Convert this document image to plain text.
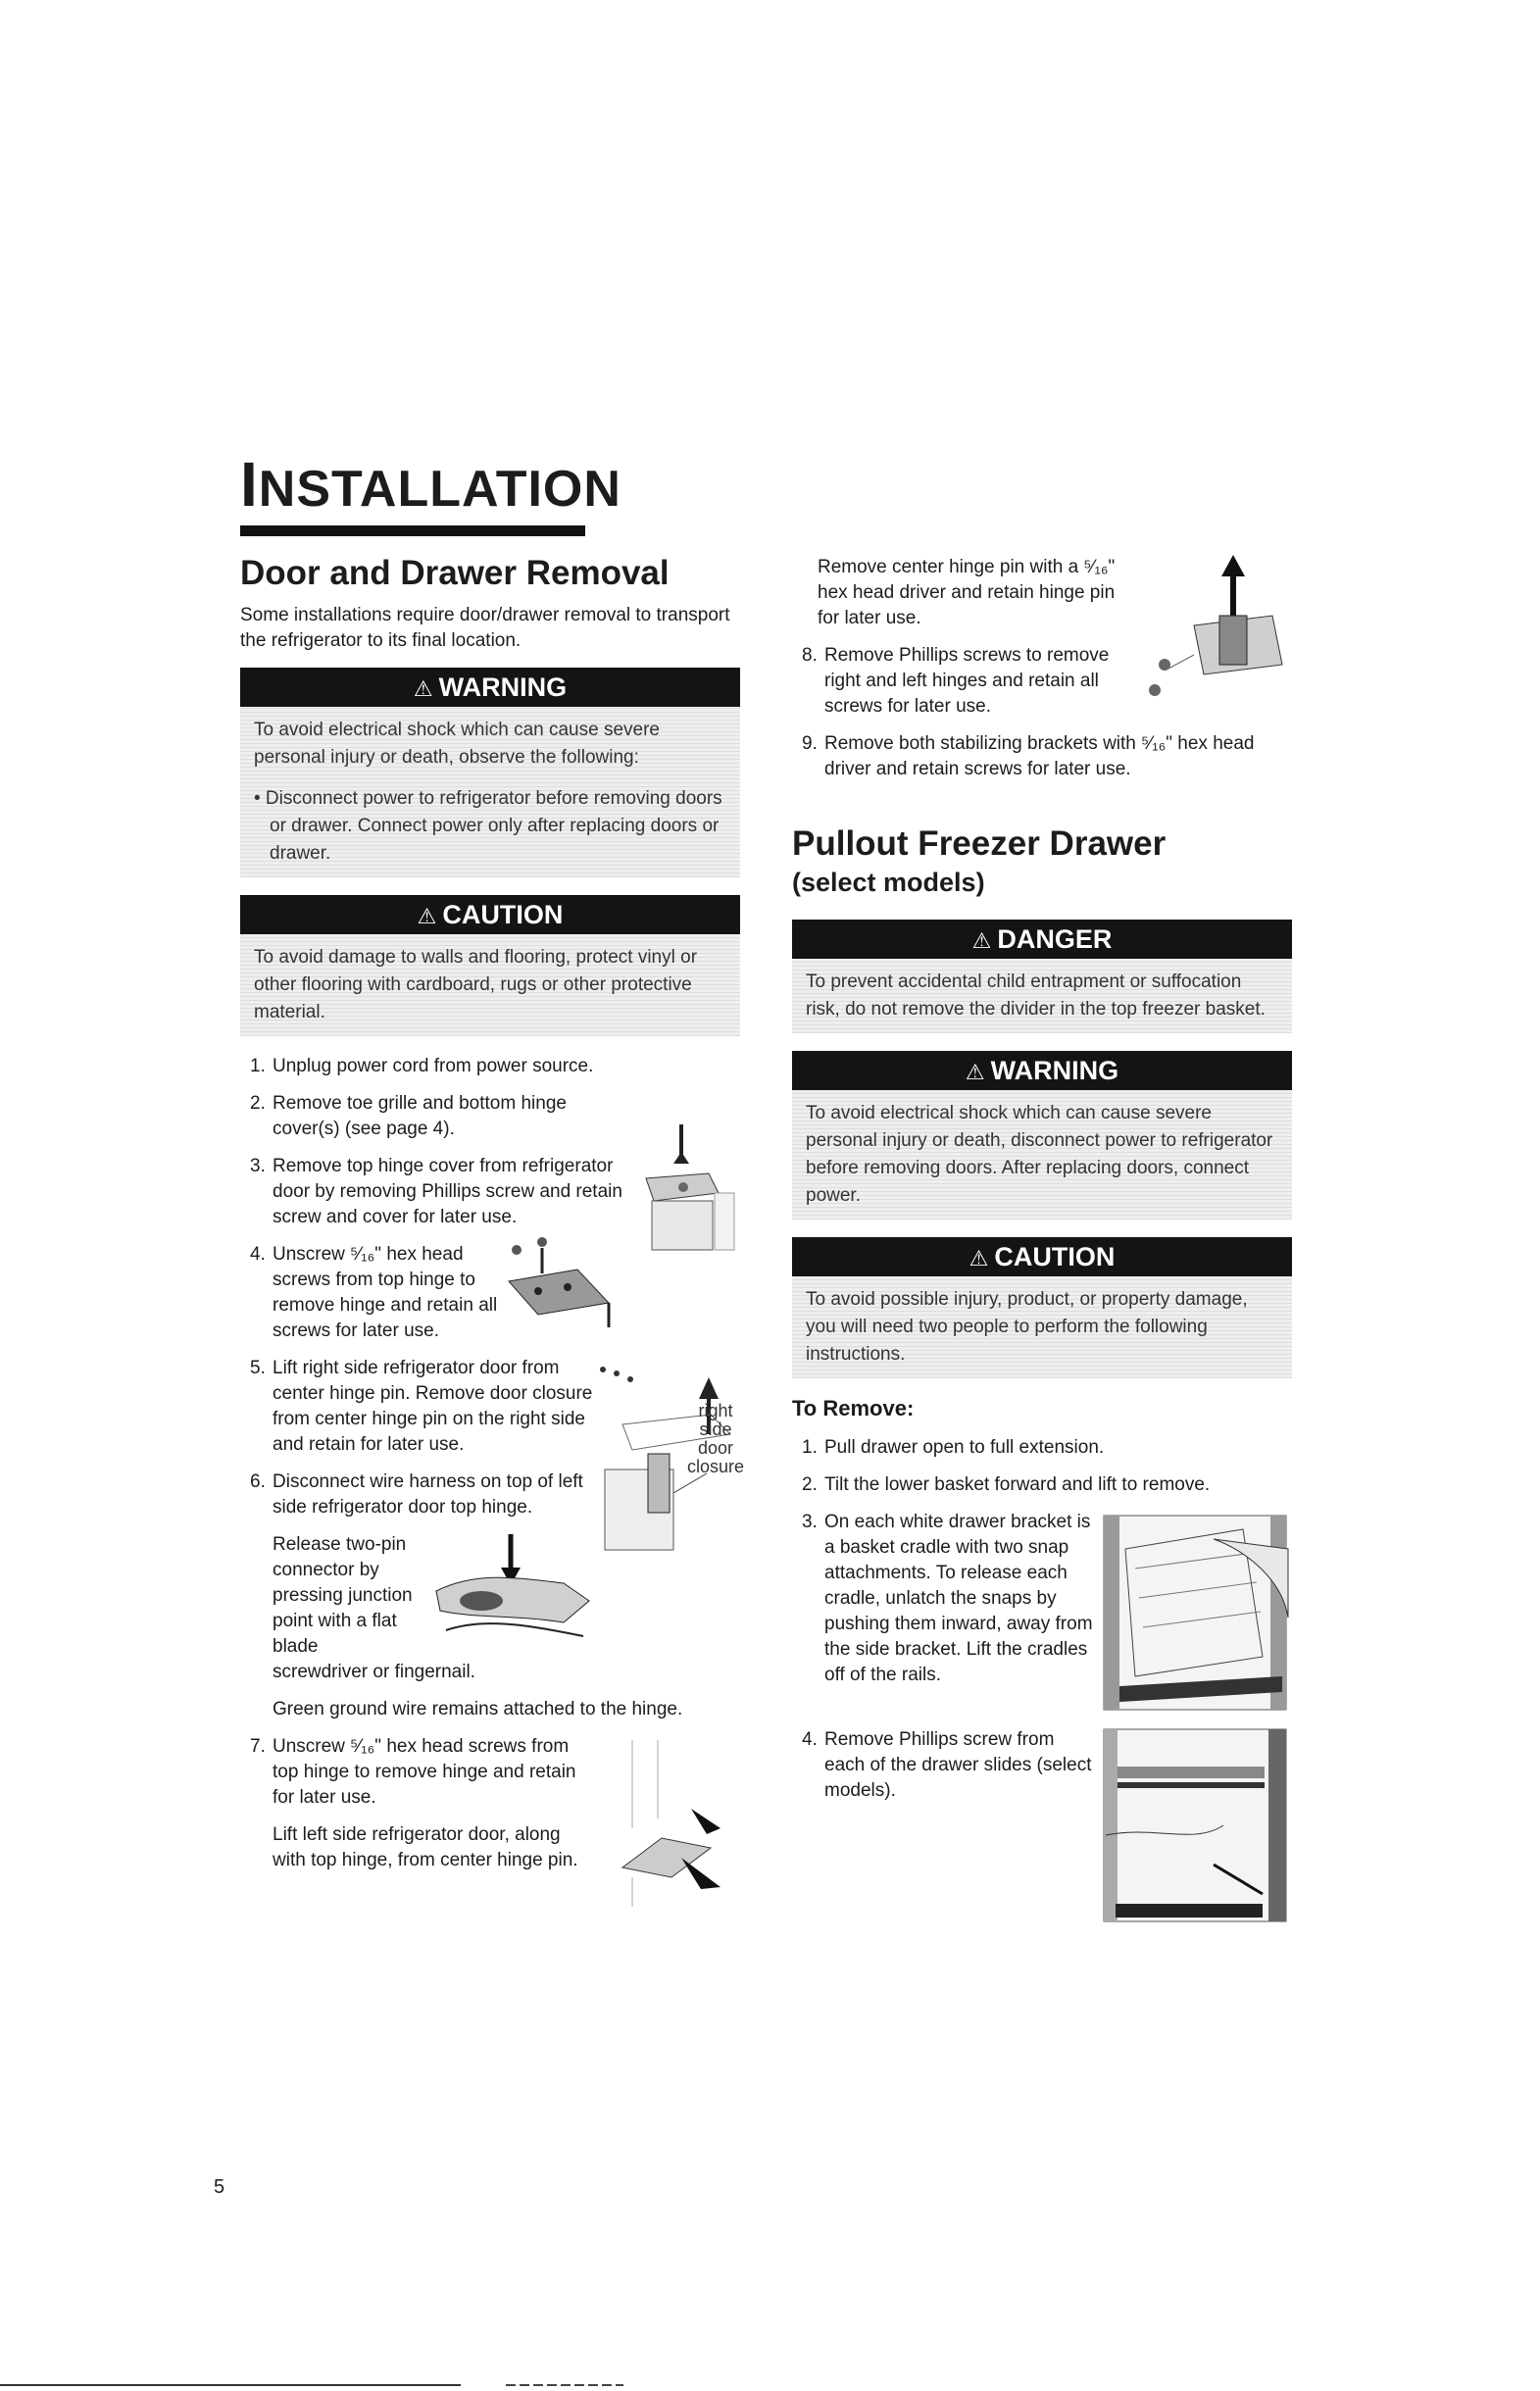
INSTALLATION
Door and Drawer Removal

Some installations require door/drawer removal to transport the refrigerator to its final location.

⚠ WARNING
To avoid electrical shock which can cause severe personal injury or death, observe the following:
• Disconnect power to refrigerator before removing doors or drawer. Connect power only after replacing doors or drawer.
⚠ CAUTION
To avoid damage to walls and flooring, protect vinyl or other flooring with cardboard, rugs or other protective material.
1. Unplug power cord from power source.
2. Remove toe grille and bottom hinge cover(s) (see page 4).
3. Remove top hinge cover from refrigerator door by removing Phillips screw and retain screw and cover for later use.
4. Unscrew ⁵⁄₁₆" hex head screws from top hinge to remove hinge and retain all screws for later use.
5. Lift right side refrigerator door from center hinge pin. Remove door closure from center hinge pin on the right side and retain for later use.
right
side
door
closure
6. Disconnect wire harness on top of left side refrigerator door top hinge.
Release two-pin connector by pressing junction point with a flat blade screwdriver or fingernail.
Green ground wire remains attached to the hinge.
7. Unscrew ⁵⁄₁₆" hex head screws from top hinge to remove hinge and retain for later use.
Lift left side refrigerator door, along with top hinge, from center hinge pin.
Remove center hinge pin with a ⁵⁄₁₆" hex head driver and retain hinge pin for later use.
8. Remove Phillips screws to remove right and left hinges and retain all screws for later use.
9. Remove both stabilizing brackets with ⁵⁄₁₆" hex head driver and retain screws for later use.
Pullout Freezer Drawer
(select models)
⚠ DANGER
To prevent accidental child entrapment or suffocation risk, do not remove the divider in the top freezer basket.
⚠ WARNING
To avoid electrical shock which can cause severe personal injury or death, disconnect power to refrigerator before removing doors. After replacing doors, connect power.
⚠ CAUTION
To avoid possible injury, product, or property damage, you will need two people to perform the following instructions.
To Remove:
1. Pull drawer open to full extension.
2. Tilt the lower basket forward and lift to remove.
3. On each white drawer bracket is a basket cradle with two snap attachments. To release each cradle, unlatch the snaps by pushing them inward, away from the side bracket. Lift the cradles off of the rails.
4. Remove Phillips screw from each of the drawer slides (select models).
5
